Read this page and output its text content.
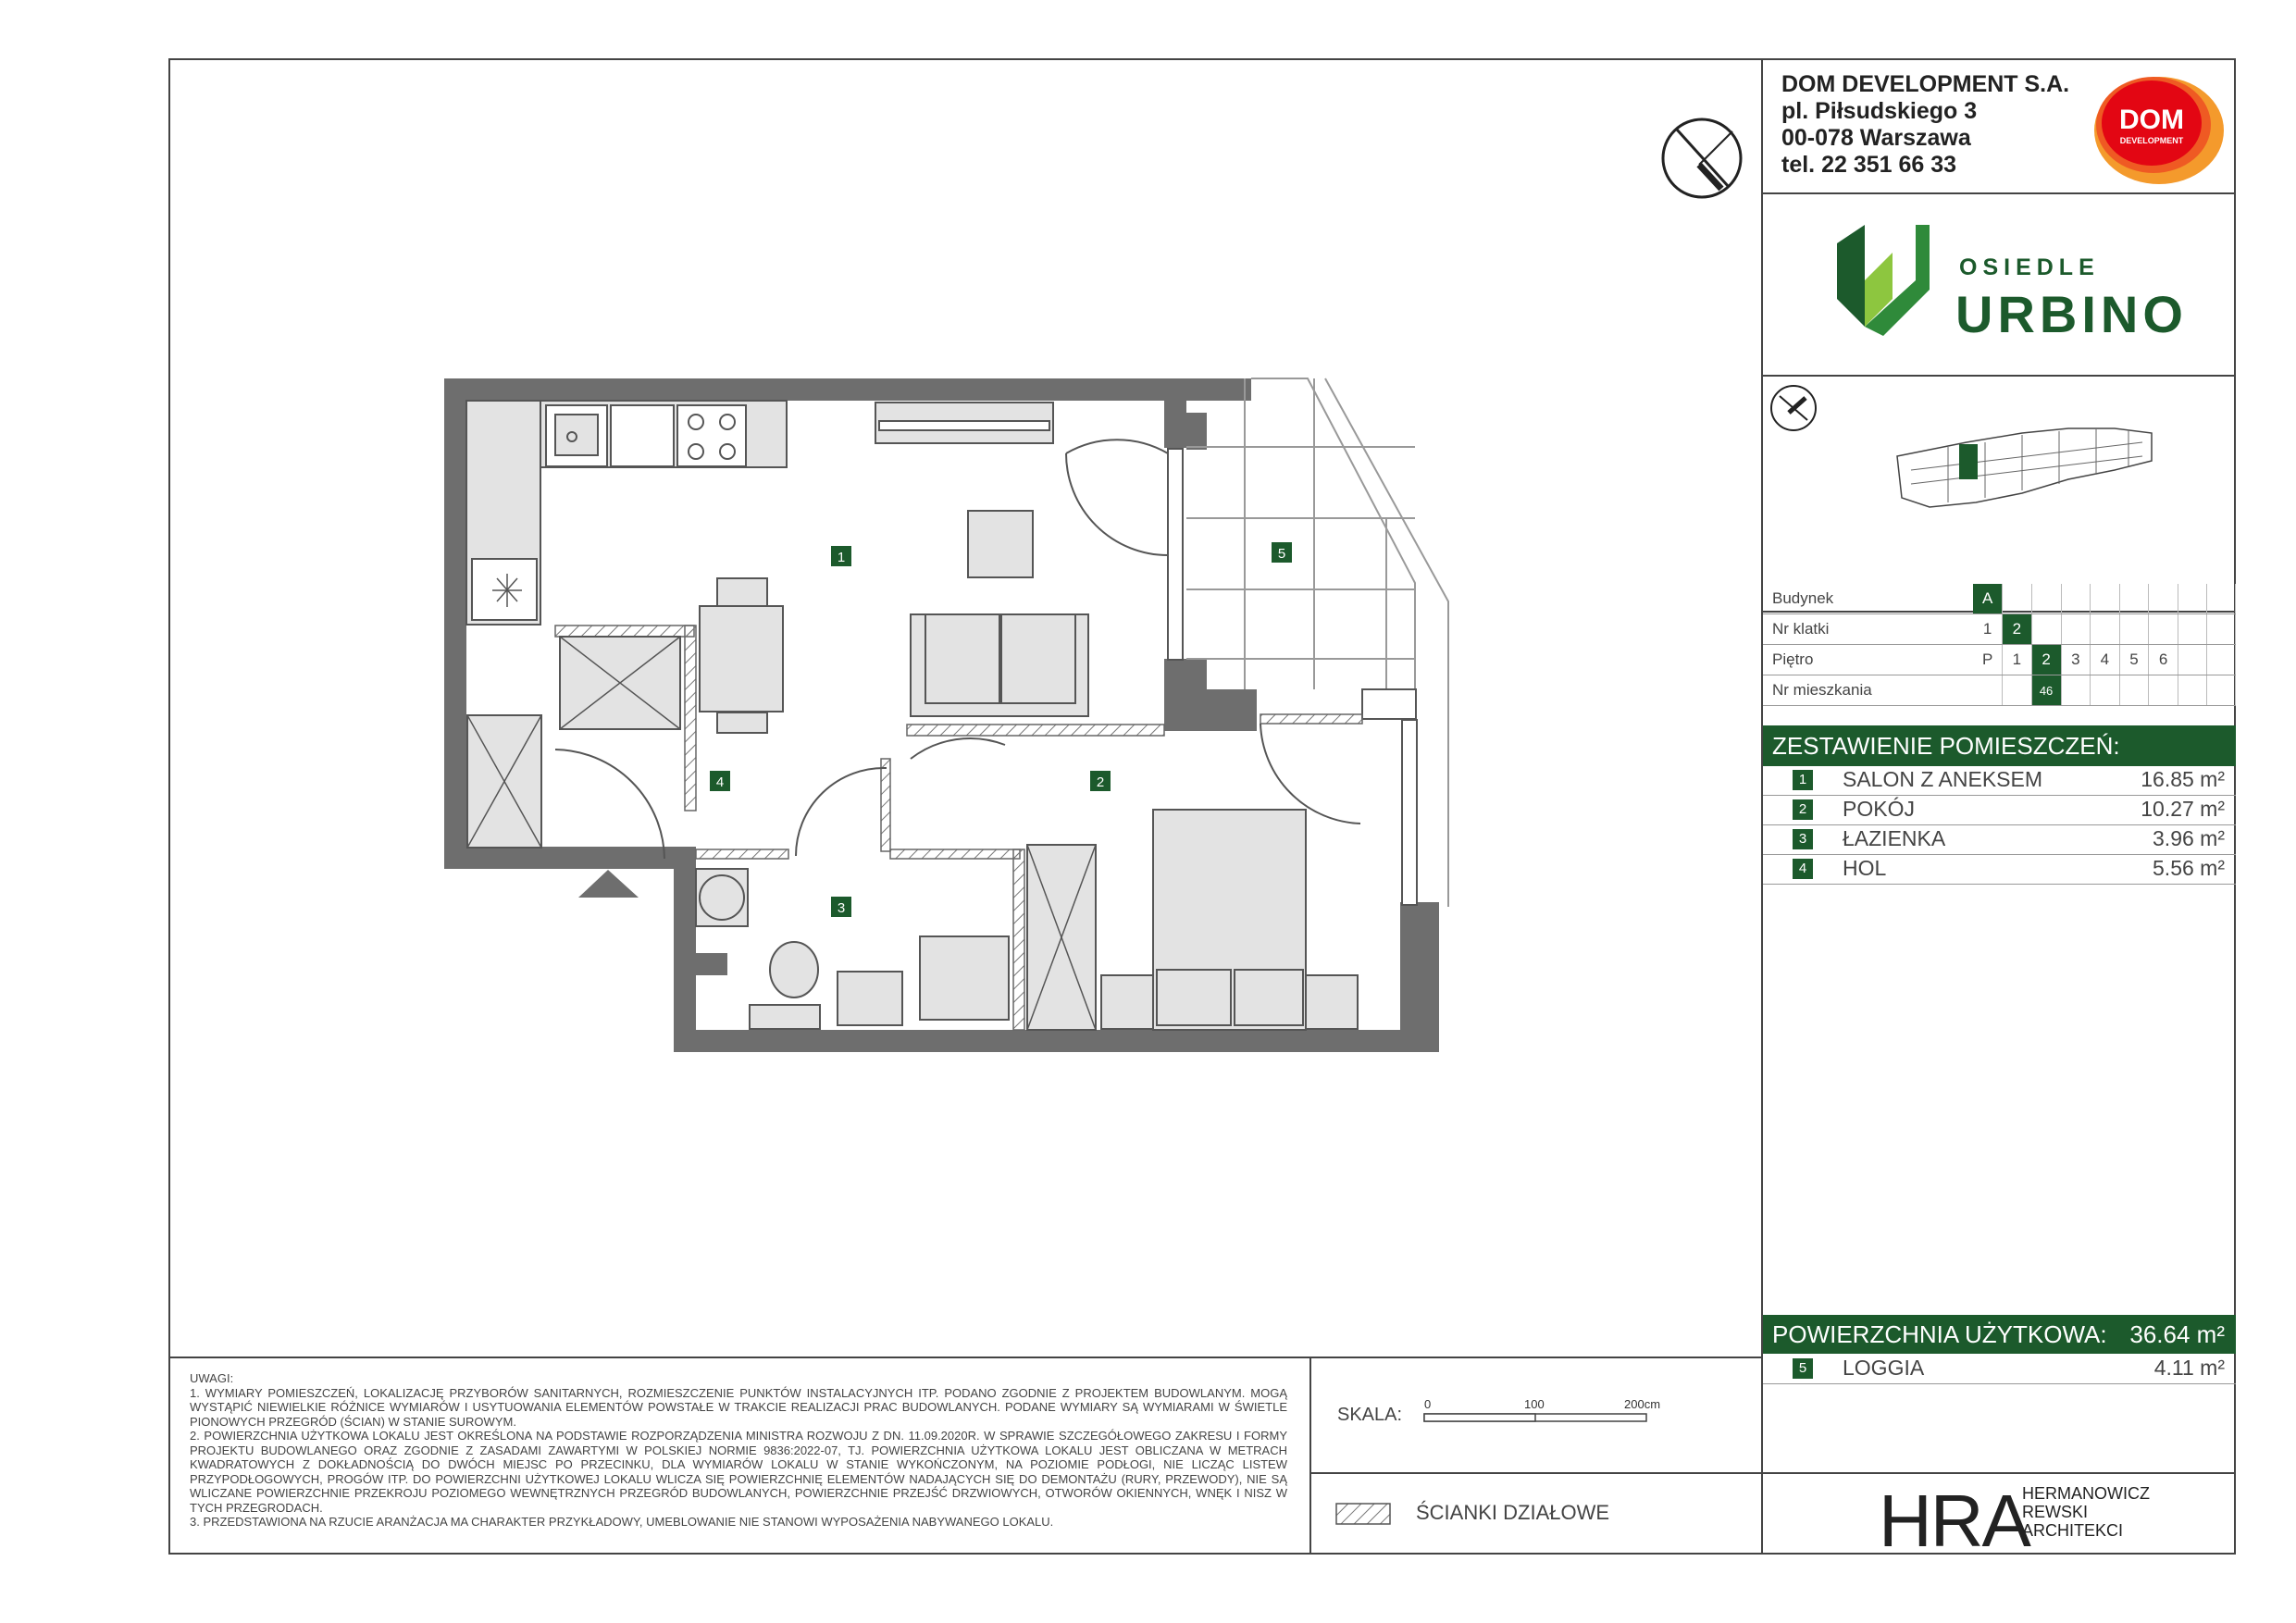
1
2
3
4
5
DOM DEVELOPMENT S.A.
pl. Piłsudskiego 3
00-078 Warszawa
tel. 22 351 66 33
DOM
DEVELOPMENT
OSIEDLE
URBINO
Budynek	A								
Nr klatki	1	2							
Piętro	P	1	2	3	4	5	6		
Nr mieszkania			46						
ZESTAWIENIE POMIESZCZEŃ:
1 SALON Z ANEKSEM	16.85 m²
2 POKÓJ	10.27 m²
3 ŁAZIENKA	3.96 m²
4 HOL	5.56 m²
POWIERZCHNIA UŻYTKOWA: 36.64 m²
5 LOGGIA	4.11 m²
UWAGI:
1. WYMIARY POMIESZCZEŃ, LOKALIZACJĘ PRZYBORÓW SANITARNYCH, ROZMIESZCZENIE PUNKTÓW INSTALACYJNYCH ITP. PODANO ZGODNIE Z PROJEKTEM BUDOWLANYM. MOGĄ WYSTĄPIĆ NIEWIELKIE RÓŻNICE WYMIARÓW I USYTUOWANIA ELEMENTÓW POWSTAŁE W TRAKCIE REALIZACJI PRAC BUDOWLANYCH. PODANE WYMIARY SĄ WYMIARAMI W ŚWIETLE PIONOWYCH PRZEGRÓD (ŚCIAN) W STANIE SUROWYM.
2. POWIERZCHNIA UŻYTKOWA LOKALU JEST OKREŚLONA NA PODSTAWIE ROZPORZĄDZENIA MINISTRA ROZWOJU Z DN. 11.09.2020R. W SPRAWIE SZCZEGÓŁOWEGO ZAKRESU I FORMY PROJEKTU BUDOWLANEGO ORAZ ZGODNIE Z ZASADAMI ZAWARTYMI W POLSKIEJ NORMIE 9836:2022-07, TJ. POWIERZCHNIA UŻYTKOWA LOKALU JEST OBLICZANA W METRACH KWADRATOWYCH Z DOKŁADNOŚCIĄ DO DWÓCH MIEJSC PO PRZECINKU, DLA WYMIARÓW LOKALU W STANIE WYKOŃCZONYM, NA POZIOMIE PODŁOGI, NIE LICZĄC LISTEW PRZYPODŁOGOWYCH, PROGÓW ITP. DO POWIERZCHNI UŻYTKOWEJ LOKALU WLICZA SIĘ POWIERZCHNIĘ ELEMENTÓW NADAJĄCYCH SIĘ DO DEMONTAŻU (RURY, PRZEWODY), NIE SĄ WLICZANE POWIERZCHNIE PRZEKROJU POZIOMEGO WEWNĘTRZNYCH PRZEGRÓD BUDOWLANYCH, POWIERZCHNIE PRZEJŚĆ DRZWIOWYCH, OTWORÓW OKIENNYCH, WNĘK I NISZ W TYCH PRZEGRODACH.
3. PRZEDSTAWIONA NA RZUCIE ARANŻACJA MA CHARAKTER PRZYKŁADOWY, UMEBLOWANIE NIE STANOWI WYPOSAŻENIA NABYWANEGO LOKALU.
SKALA:
0	100	200cm
ŚCIANKI DZIAŁOWE	HRA
HERMANOWICZ
REWSKI
ARCHITEKCI
